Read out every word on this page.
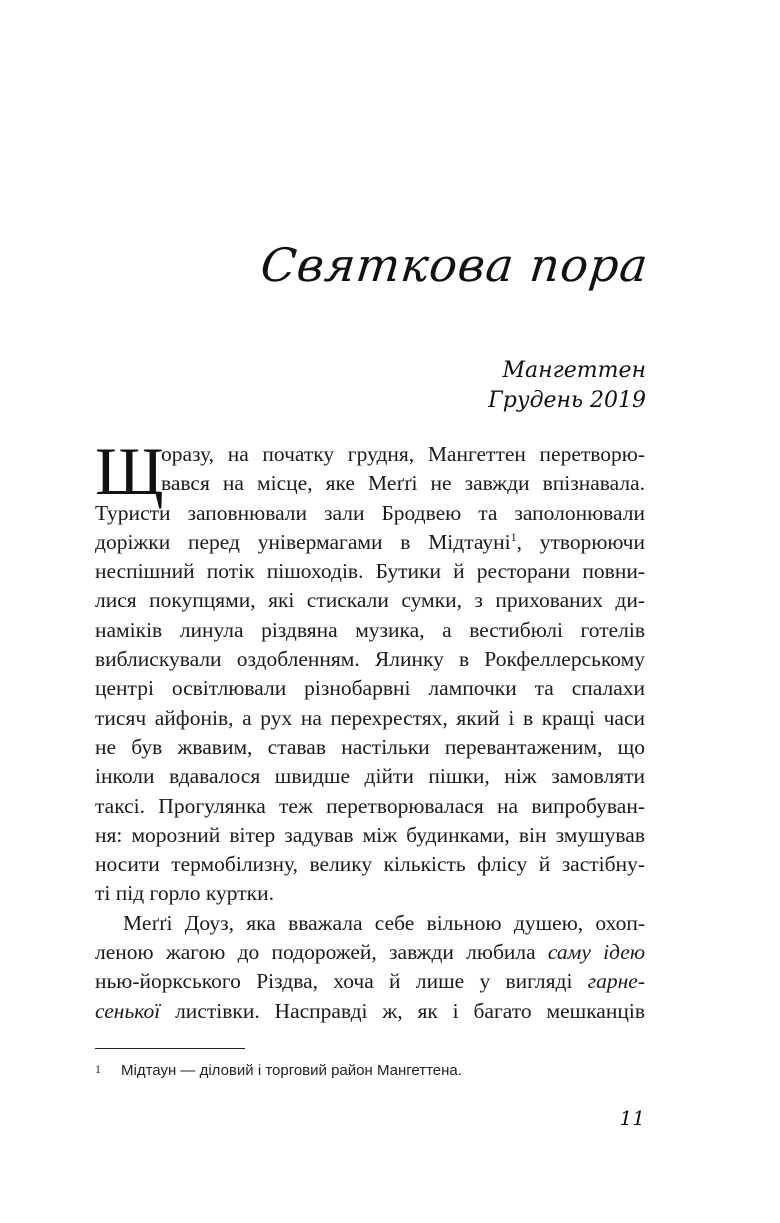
Святкова пора
Мангеттен
Грудень 2019
Щ
оразу, на початку грудня, Мангеттен перетворю-
вався на місце, яке Меґґі не завжди впізнавала.
Туристи заповнювали зали Бродвею та заполонювали
доріжки перед універмагами в Мідтауні$^1$, утворюючи
неспішний потік пішоходів. Бутики й ресторани повни-
лися покупцями, які стискали сумки, з прихованих ди-
наміків линула різдвяна музика, а вестибюлі готелів
виблискували оздобленням. Ялинку в Рокфеллерському
центрі освітлювали різнобарвні лампочки та спалахи
тисяч айфонів, а рух на перехрестях, який і в кращі часи
не був жвавим, ставав настільки перевантаженим, що
інколи вдавалося швидше дійти пішки, ніж замовляти
таксі. Прогулянка теж перетворювалася на випробуван-
ня: морозний вітер задував між будинками, він змушував
носити термобілизну, велику кількість флісу й застібну-
ті під горло куртки.
Меґґі Доуз, яка вважала себе вільною душею, охоп-
леною жагою до подорожей, завжди любила саму ідею
нью-йоркського Різдва, хоча й лише у вигляді гарне-
сенької листівки. Насправді ж, як і багато мешканців
1 Мідтаун — діловий і торговий район Мангеттена.
11
